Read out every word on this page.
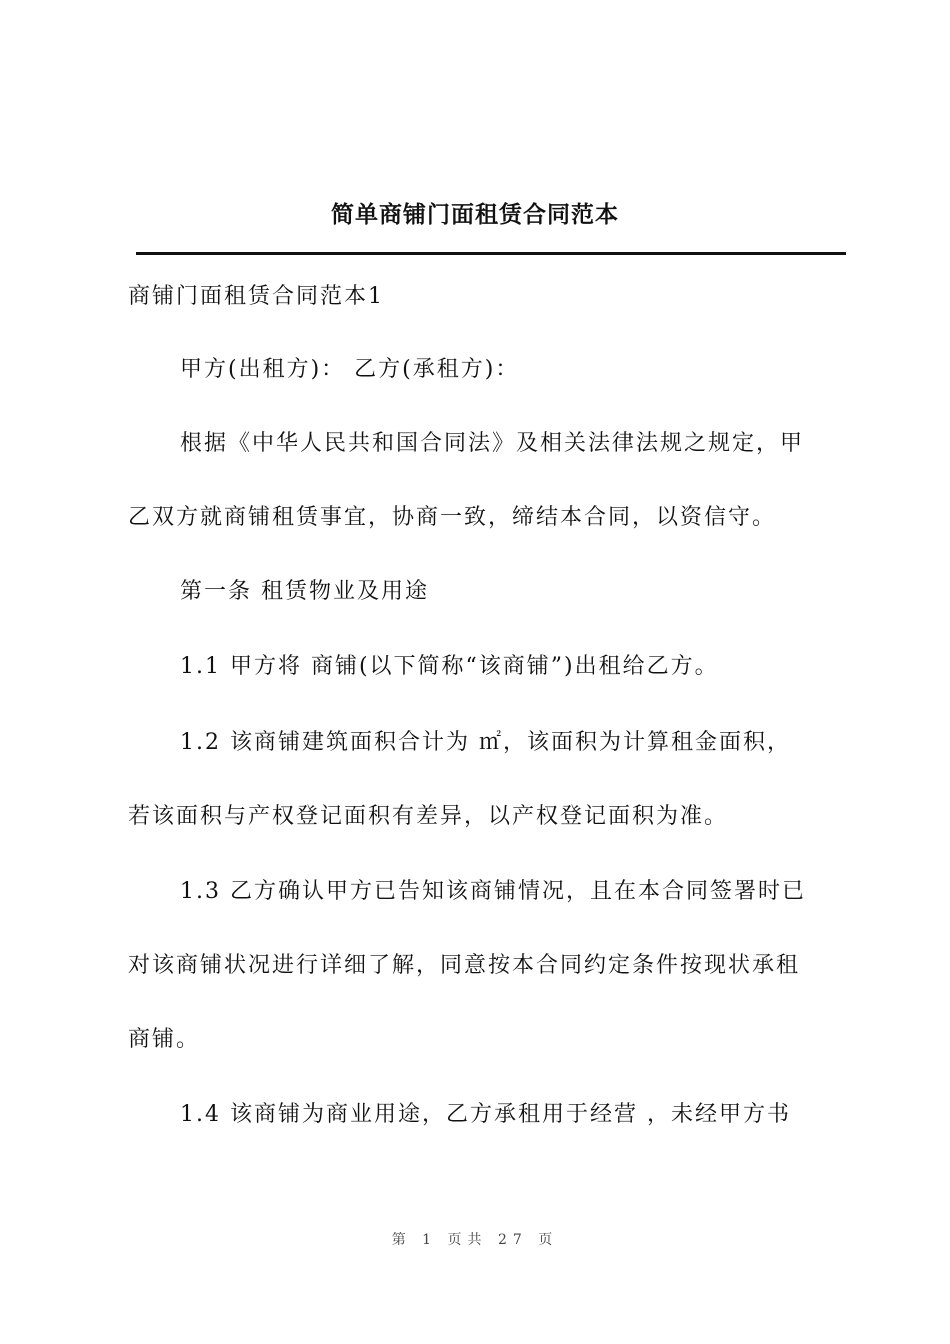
简单商铺门面租赁合同范本
商铺门面租赁合同范本1
甲方(出租方)： 乙方(承租方)：
根据《中华人民共和国合同法》及相关法律法规之规定，甲
乙双方就商铺租赁事宜，协商一致，缔结本合同，以资信守。
第一条 租赁物业及用途
1.1 甲方将 商铺(以下简称“该商铺”)出租给乙方。
1.2 该商铺建筑面积合计为 ㎡，该面积为计算租金面积，
若该面积与产权登记面积有差异，以产权登记面积为准。
1.3 乙方确认甲方已告知该商铺情况，且在本合同签署时已
对该商铺状况进行详细了解，同意按本合同约定条件按现状承租
商铺。
1.4 该商铺为商业用途，乙方承租用于经营 ，未经甲方书
第 1 页共 27 页
